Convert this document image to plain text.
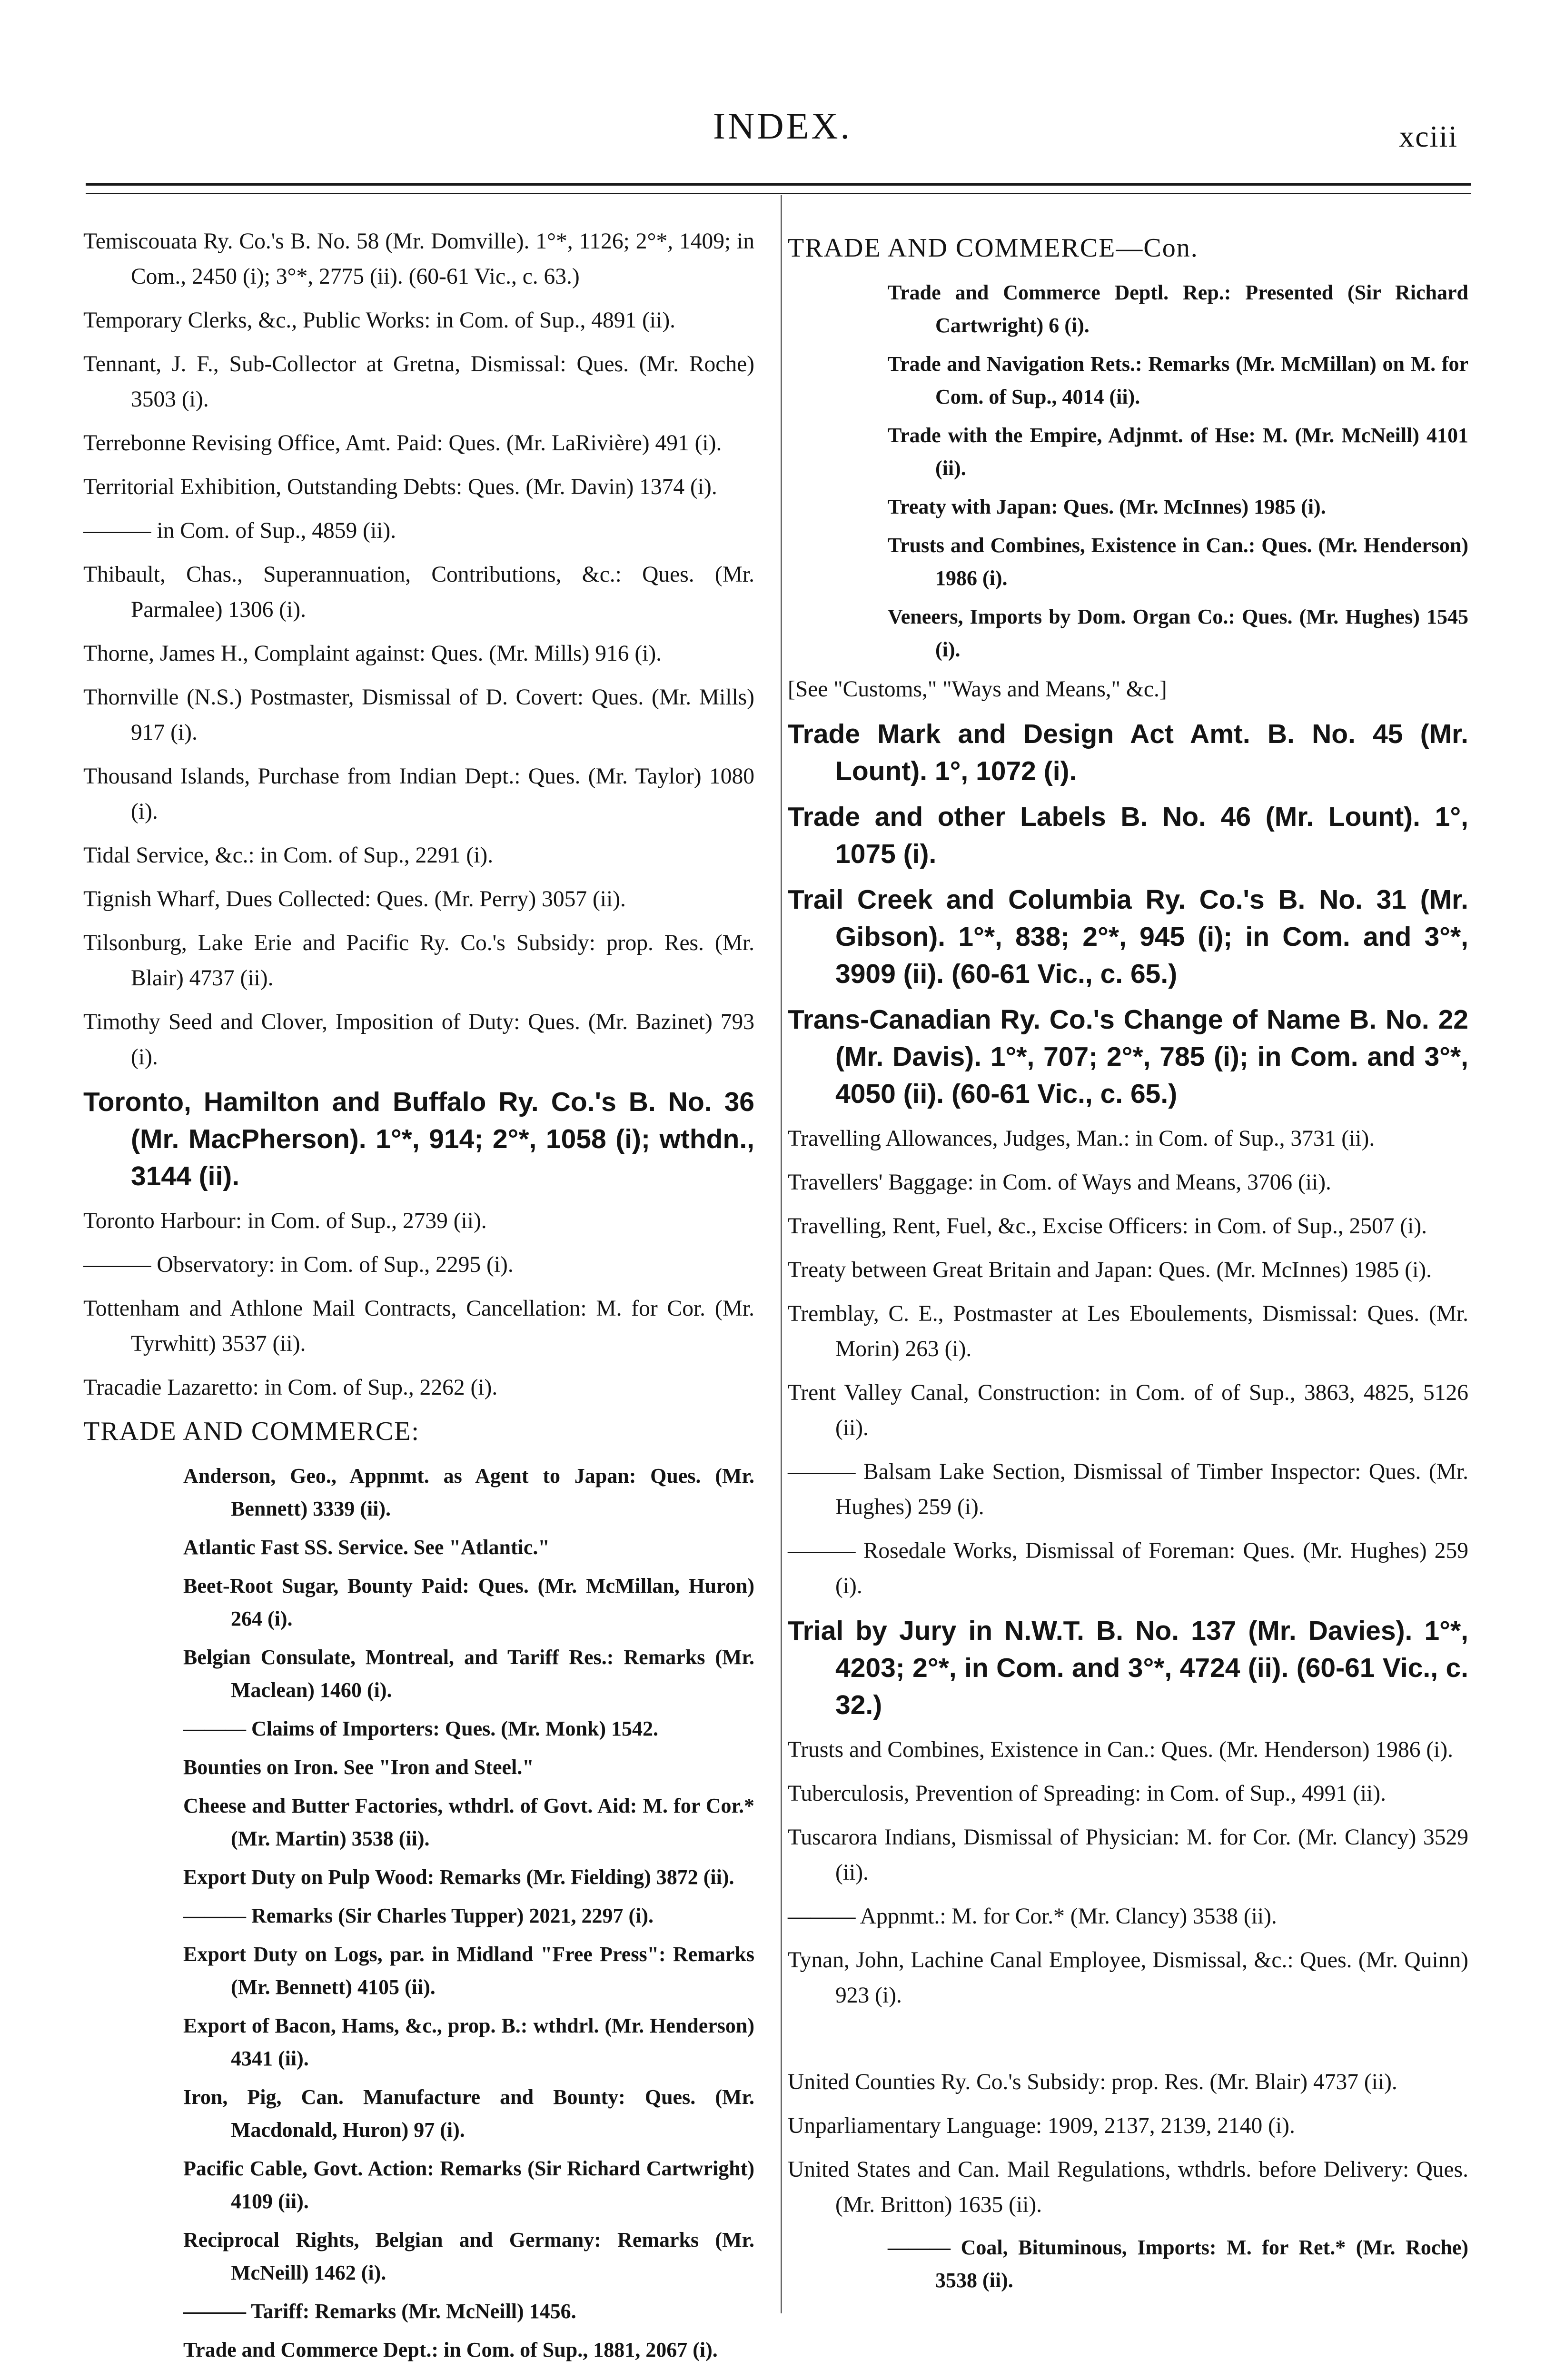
INDEX.	xciii
Temiscouata Ry. Co.'s B. No. 58 (Mr. Domville). 1°*, 1126; 2°*, 1409; in Com., 2450 (i); 3°*, 2775 (ii). (60-61 Vic., c. 63.)
Temporary Clerks, &c., Public Works: in Com. of Sup., 4891 (ii).
Tennant, J. F., Sub-Collector at Gretna, Dismissal: Ques. (Mr. Roche) 3503 (i).
Terrebonne Revising Office, Amt. Paid: Ques. (Mr. LaRivière) 491 (i).
Territorial Exhibition, Outstanding Debts: Ques. (Mr. Davin) 1374 (i).
——— in Com. of Sup., 4859 (ii).
Thibault, Chas., Superannuation, Contributions, &c.: Ques. (Mr. Parmalee) 1306 (i).
Thorne, James H., Complaint against: Ques. (Mr. Mills) 916 (i).
Thornville (N.S.) Postmaster, Dismissal of D. Covert: Ques. (Mr. Mills) 917 (i).
Thousand Islands, Purchase from Indian Dept.: Ques. (Mr. Taylor) 1080 (i).
Tidal Service, &c.: in Com. of Sup., 2291 (i).
Tignish Wharf, Dues Collected: Ques. (Mr. Perry) 3057 (ii).
Tilsonburg, Lake Erie and Pacific Ry. Co.'s Subsidy: prop. Res. (Mr. Blair) 4737 (ii).
Timothy Seed and Clover, Imposition of Duty: Ques. (Mr. Bazinet) 793 (i).
Toronto, Hamilton and Buffalo Ry. Co.'s B. No. 36 (Mr. MacPherson). 1°*, 914; 2°*, 1058 (i); wthdn., 3144 (ii).
Toronto Harbour: in Com. of Sup., 2739 (ii).
——— Observatory: in Com. of Sup., 2295 (i).
Tottenham and Athlone Mail Contracts, Cancellation: M. for Cor. (Mr. Tyrwhitt) 3537 (ii).
Tracadie Lazaretto: in Com. of Sup., 2262 (i).
TRADE AND COMMERCE:
Anderson, Geo., Appnmt. as Agent to Japan: Ques. (Mr. Bennett) 3339 (ii).
Atlantic Fast SS. Service. See "Atlantic."
Beet-Root Sugar, Bounty Paid: Ques. (Mr. McMillan, Huron) 264 (i).
Belgian Consulate, Montreal, and Tariff Res.: Remarks (Mr. Maclean) 1460 (i).
——— Claims of Importers: Ques. (Mr. Monk) 1542.
Bounties on Iron. See "Iron and Steel."
Cheese and Butter Factories, wthdrl. of Govt. Aid: M. for Cor.* (Mr. Martin) 3538 (ii).
Export Duty on Pulp Wood: Remarks (Mr. Fielding) 3872 (ii).
——— Remarks (Sir Charles Tupper) 2021, 2297 (i).
Export Duty on Logs, par. in Midland "Free Press": Remarks (Mr. Bennett) 4105 (ii).
Export of Bacon, Hams, &c., prop. B.: wthdrl. (Mr. Henderson) 4341 (ii).
Iron, Pig, Can. Manufacture and Bounty: Ques. (Mr. Macdonald, Huron) 97 (i).
Pacific Cable, Govt. Action: Remarks (Sir Richard Cartwright) 4109 (ii).
Reciprocal Rights, Belgian and Germany: Remarks (Mr. McNeill) 1462 (i).
——— Tariff: Remarks (Mr. McNeill) 1456.
Trade and Commerce Dept.: in Com. of Sup., 1881, 2067 (i).
TRADE AND COMMERCE—Con.
Trade and Commerce Deptl. Rep.: Presented (Sir Richard Cartwright) 6 (i).
Trade and Navigation Rets.: Remarks (Mr. McMillan) on M. for Com. of Sup., 4014 (ii).
Trade with the Empire, Adjnmt. of Hse: M. (Mr. McNeill) 4101 (ii).
Treaty with Japan: Ques. (Mr. McInnes) 1985 (i).
Trusts and Combines, Existence in Can.: Ques. (Mr. Henderson) 1986 (i).
Veneers, Imports by Dom. Organ Co.: Ques. (Mr. Hughes) 1545 (i).
[See "Customs," "Ways and Means," &c.]
Trade Mark and Design Act Amt. B. No. 45 (Mr. Lount). 1°, 1072 (i).
Trade and other Labels B. No. 46 (Mr. Lount). 1°, 1075 (i).
Trail Creek and Columbia Ry. Co.'s B. No. 31 (Mr. Gibson). 1°*, 838; 2°*, 945 (i); in Com. and 3°*, 3909 (ii). (60-61 Vic., c. 65.)
Trans-Canadian Ry. Co.'s Change of Name B. No. 22 (Mr. Davis). 1°*, 707; 2°*, 785 (i); in Com. and 3°*, 4050 (ii). (60-61 Vic., c. 65.)
Travelling Allowances, Judges, Man.: in Com. of Sup., 3731 (ii).
Travellers' Baggage: in Com. of Ways and Means, 3706 (ii).
Travelling, Rent, Fuel, &c., Excise Officers: in Com. of Sup., 2507 (i).
Treaty between Great Britain and Japan: Ques. (Mr. McInnes) 1985 (i).
Tremblay, C. E., Postmaster at Les Eboulements, Dismissal: Ques. (Mr. Morin) 263 (i).
Trent Valley Canal, Construction: in Com. of of Sup., 3863, 4825, 5126 (ii).
——— Balsam Lake Section, Dismissal of Timber Inspector: Ques. (Mr. Hughes) 259 (i).
——— Rosedale Works, Dismissal of Foreman: Ques. (Mr. Hughes) 259 (i).
Trial by Jury in N.W.T. B. No. 137 (Mr. Davies). 1°*, 4203; 2°*, in Com. and 3°*, 4724 (ii). (60-61 Vic., c. 32.)
Trusts and Combines, Existence in Can.: Ques. (Mr. Henderson) 1986 (i).
Tuberculosis, Prevention of Spreading: in Com. of Sup., 4991 (ii).
Tuscarora Indians, Dismissal of Physician: M. for Cor. (Mr. Clancy) 3529 (ii).
——— Appnmt.: M. for Cor.* (Mr. Clancy) 3538 (ii).
Tynan, John, Lachine Canal Employee, Dismissal, &c.: Ques. (Mr. Quinn) 923 (i).
United Counties Ry. Co.'s Subsidy: prop. Res. (Mr. Blair) 4737 (ii).
Unparliamentary Language: 1909, 2137, 2139, 2140 (i).
United States and Can. Mail Regulations, wthdrls. before Delivery: Ques. (Mr. Britton) 1635 (ii).
——— Coal, Bituminous, Imports: M. for Ret.* (Mr. Roche) 3538 (ii).
